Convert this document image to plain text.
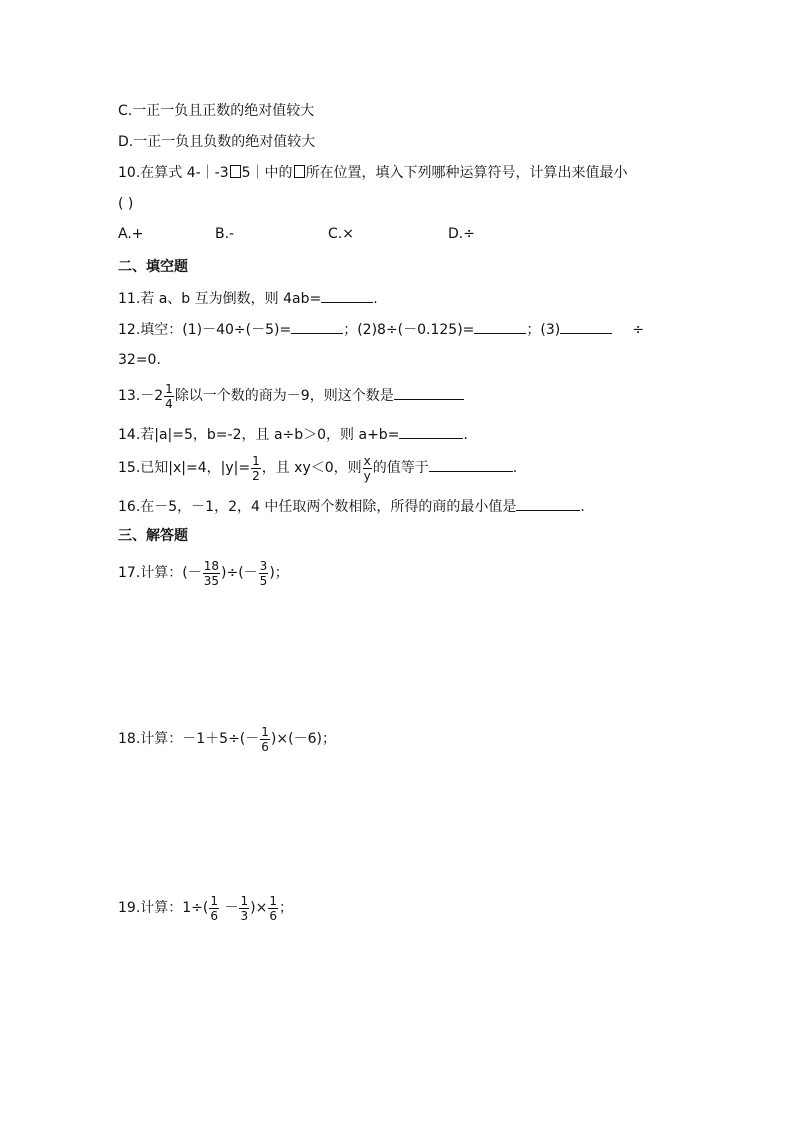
C.一正一负且正数的绝对值较大
D.一正一负且负数的绝对值较大
10.在算式 4-｜-3 5｜中的 所在位置，填入下列哪种运算符号，计算出来值最小
( )
A.+	B.-	C.×	D.÷
二、填空题
11.若 a、b 互为倒数，则 4ab=	.
12.填空：(1)－40÷(－5)=	；(2)8÷(－0.125)=	；(3)	÷
32=0.
$13.-2 \frac{1}{4}$ 除以一个数的商为－9，则这个数是
14.若|a|=5，b=-2，且 a÷b＞0，则 a+b=	.
15.已知|x|=4，$|y|= \frac{1}{2}$ ，且 xy＜0，则 $\frac{x}{y}$ 的值等于	.
16.在－5，－1，2，4 中任取两个数相除，所得的商的最小值是	.
三、解答题
17.计算：(－ $\frac{18}{35}$ )÷(－ $\frac{3}{5}$ )；
18.计算：$-1+5\div(- \frac{1}{6} )\times(-6)$；
19.计算：$1\div( \frac{1}{6} - \frac{1}{3}$ )× $\frac{1}{6}$ ；
